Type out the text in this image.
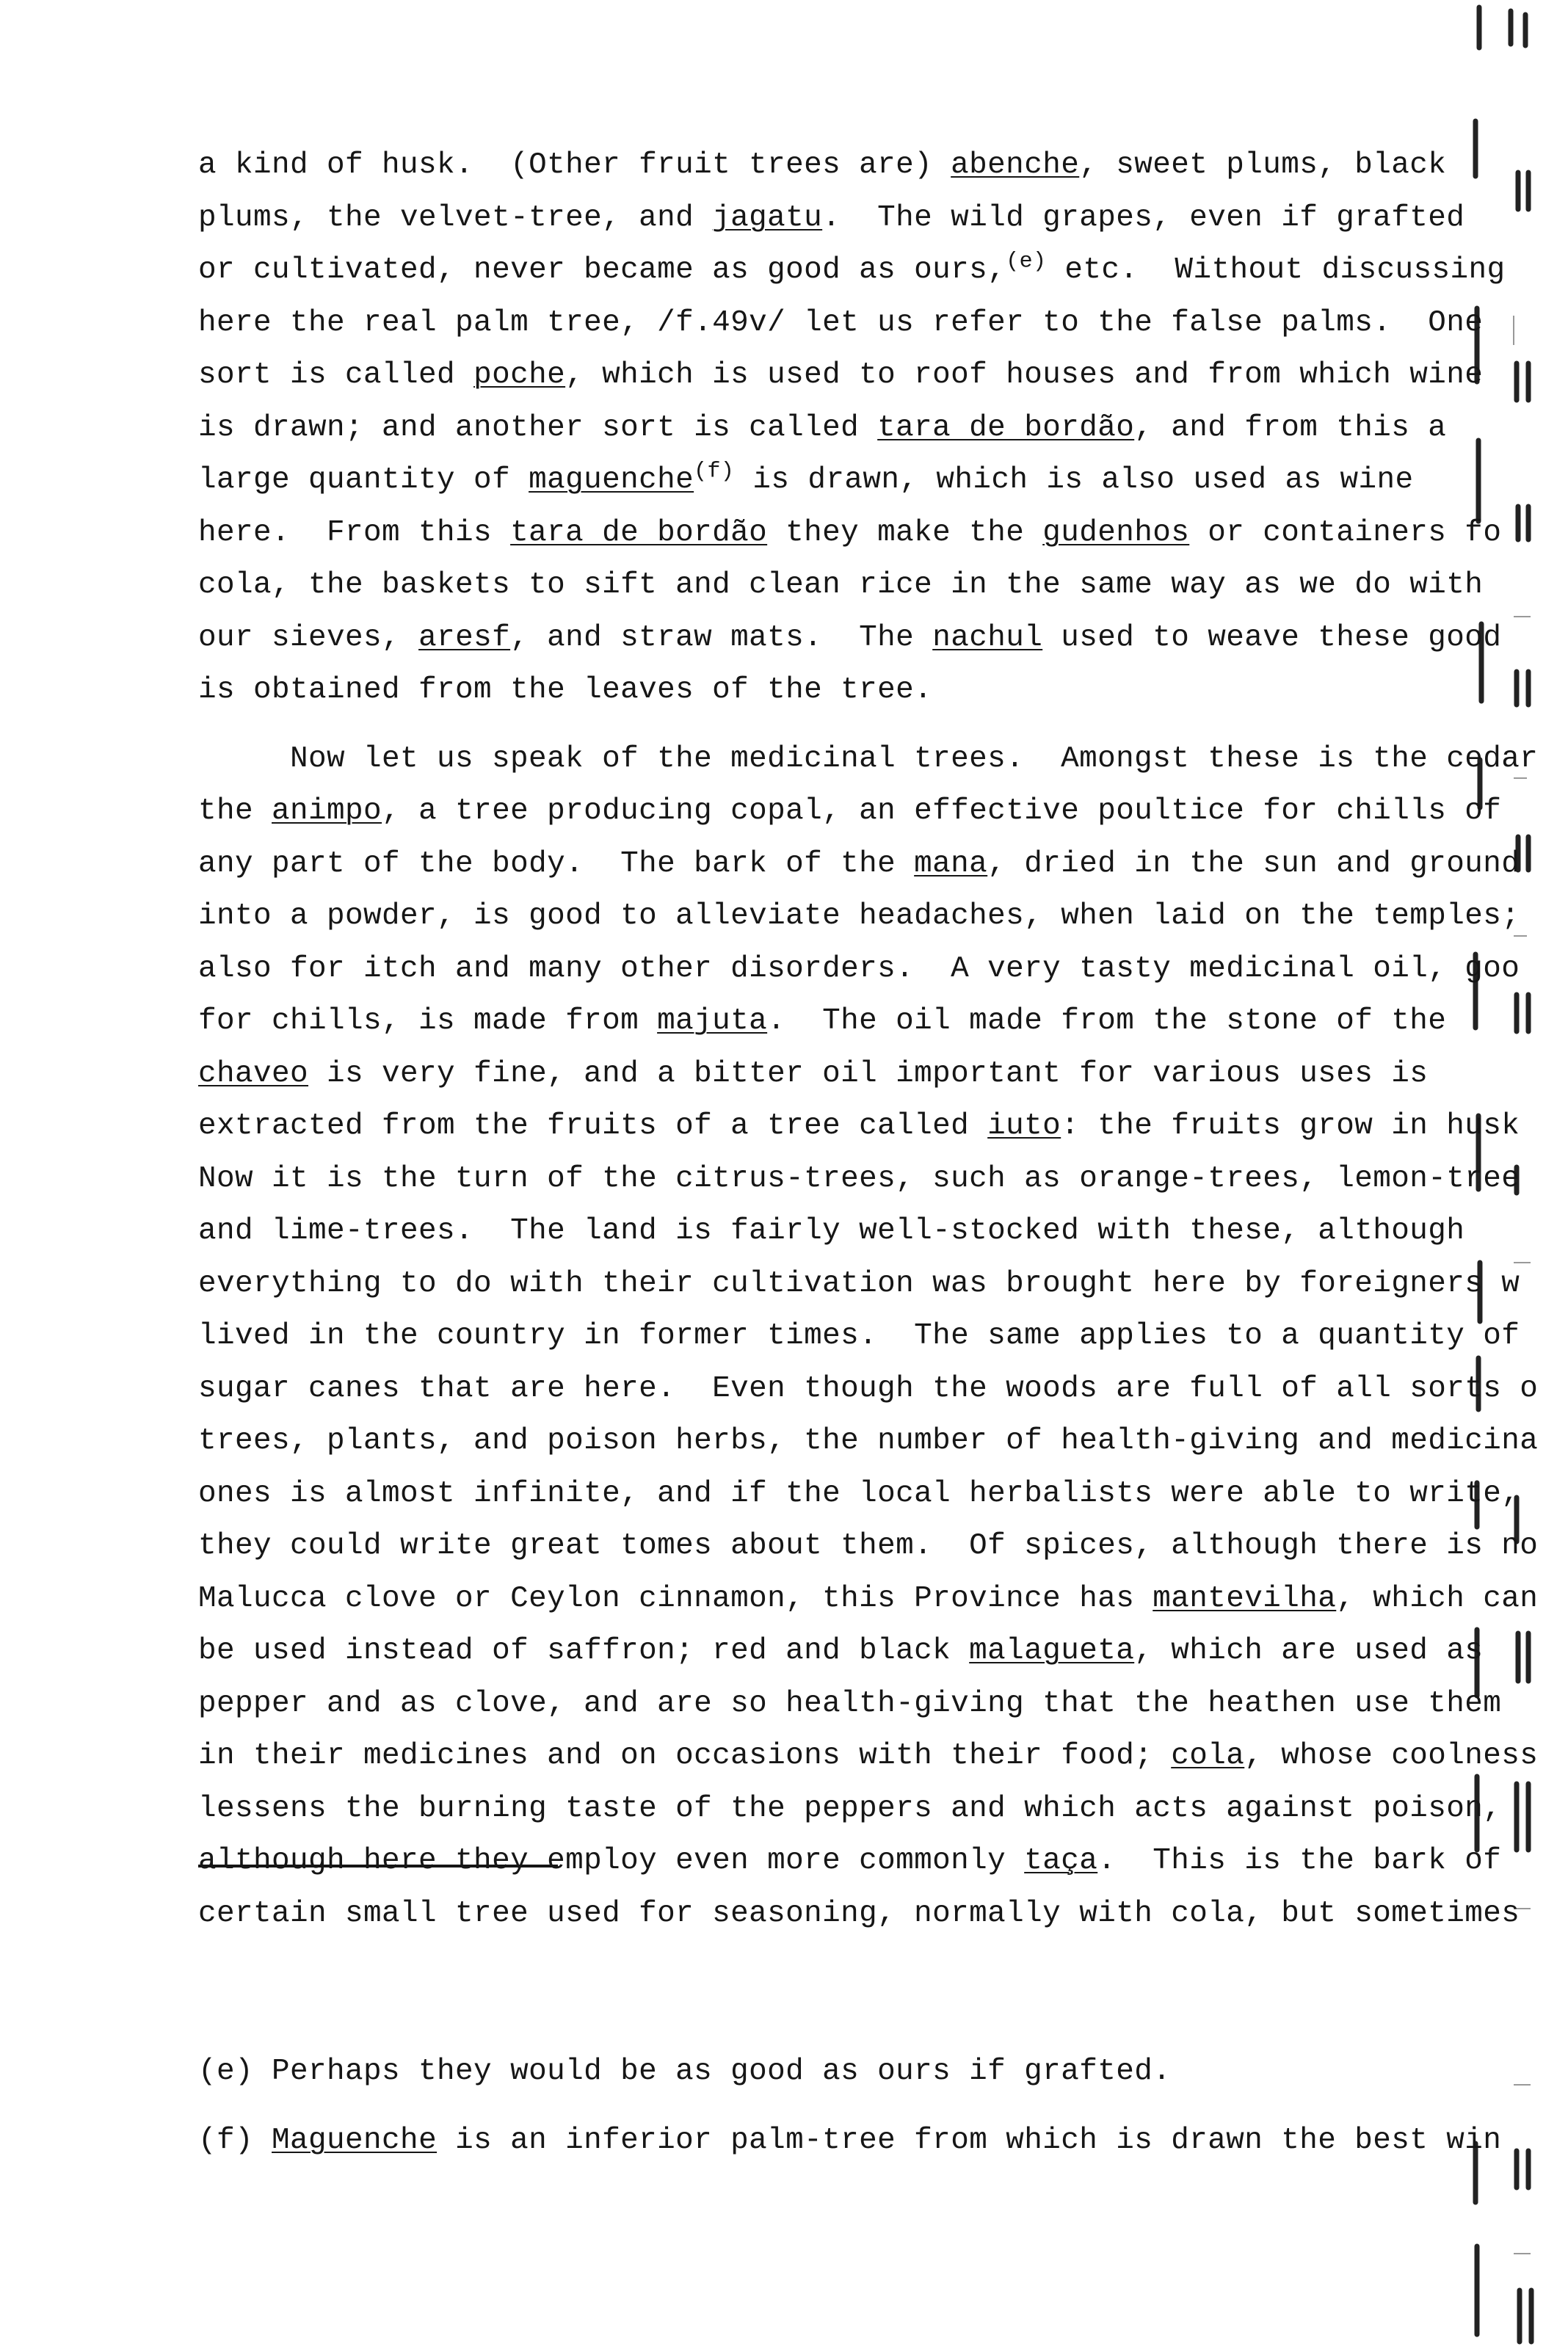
a kind of husk.  (Other fruit trees are) abenche, sweet plums, black
plums, the velvet-tree, and jagatu.  The wild grapes, even if grafted
or cultivated, never became as good as ours,$^{(e)}$ etc.  Without discussing
here the real palm tree, /f.49v/ let us refer to the false palms.  One
sort is called poche, which is used to roof houses and from which wine
is drawn; and another sort is called tara de bordão, and from this a
large quantity of maguenche$^{(f)}$ is drawn, which is also used as wine
here.  From this tara de bordão they make the gudenhos or containers fo
cola, the baskets to sift and clean rice in the same way as we do with
our sieves, aresf, and straw mats.  The nachul used to weave these good
is obtained from the leaves of the tree.
Now let us speak of the medicinal trees.  Amongst these is the cedar
the animpo, a tree producing copal, an effective poultice for chills of
any part of the body.  The bark of the mana, dried in the sun and ground
into a powder, is good to alleviate headaches, when laid on the temples;
also for itch and many other disorders.  A very tasty medicinal oil, goo
for chills, is made from majuta.  The oil made from the stone of the
chaveo is very fine, and a bitter oil important for various uses is
extracted from the fruits of a tree called iuto: the fruits grow in husk
Now it is the turn of the citrus-trees, such as orange-trees, lemon-tree
and lime-trees.  The land is fairly well-stocked with these, although
everything to do with their cultivation was brought here by foreigners w
lived in the country in former times.  The same applies to a quantity of
sugar canes that are here.  Even though the woods are full of all sorts o
trees, plants, and poison herbs, the number of health-giving and medicina
ones is almost infinite, and if the local herbalists were able to write,
they could write great tomes about them.  Of spices, although there is no
Malucca clove or Ceylon cinnamon, this Province has mantevilha, which can
be used instead of saffron; red and black malagueta, which are used as
pepper and as clove, and are so health-giving that the heathen use them
in their medicines and on occasions with their food; cola, whose coolness
lessens the burning taste of the peppers and which acts against poison,
although here they employ even more commonly taça.  This is the bark of
certain small tree used for seasoning, normally with cola, but sometimes
(e) Perhaps they would be as good as ours if grafted.
(f) Maguenche is an inferior palm-tree from which is drawn the best win
